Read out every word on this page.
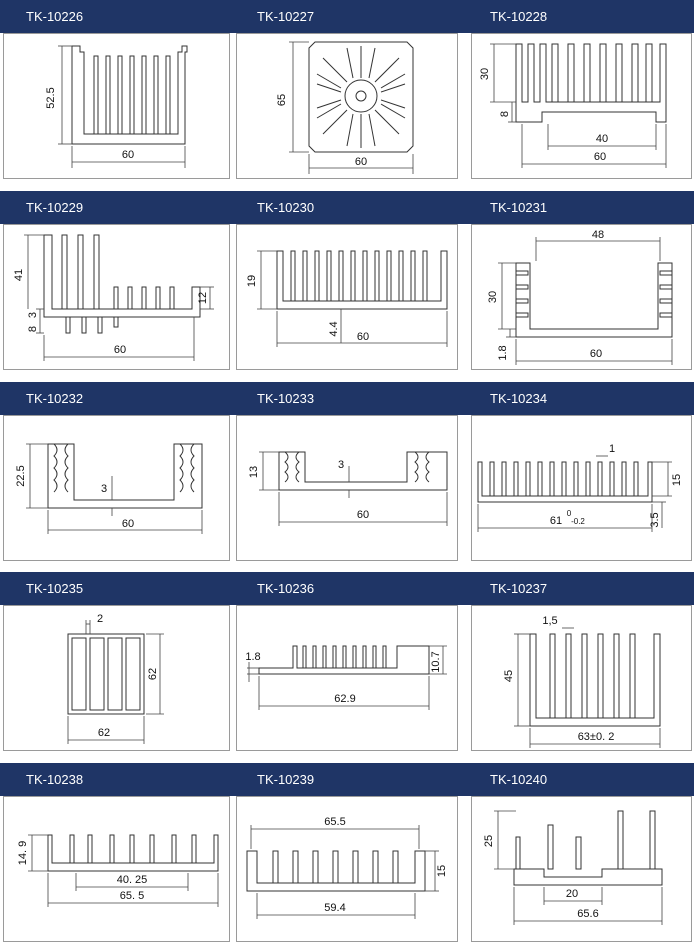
TK-10226	TK-10227	TK-10228
52.5
60
65
60
30
8
40
60
TK-10229	TK-10230	TK-10231
41
3
8
12
60
19
4.4
60
48
30
1.8	60
TK-10232	TK-10233	TK-10234
22.5
3
60
13
3
60
1
15
61
0
-0.2	3.5
TK-10235	TK-10236	TK-10237
2
62
62
1.8	10.7
62.9
1,5
45
63±0. 2
TK-10238	TK-10239	TK-10240
14. 9
40. 25
65. 5
65.5
15
59.4
25
20
65.6
